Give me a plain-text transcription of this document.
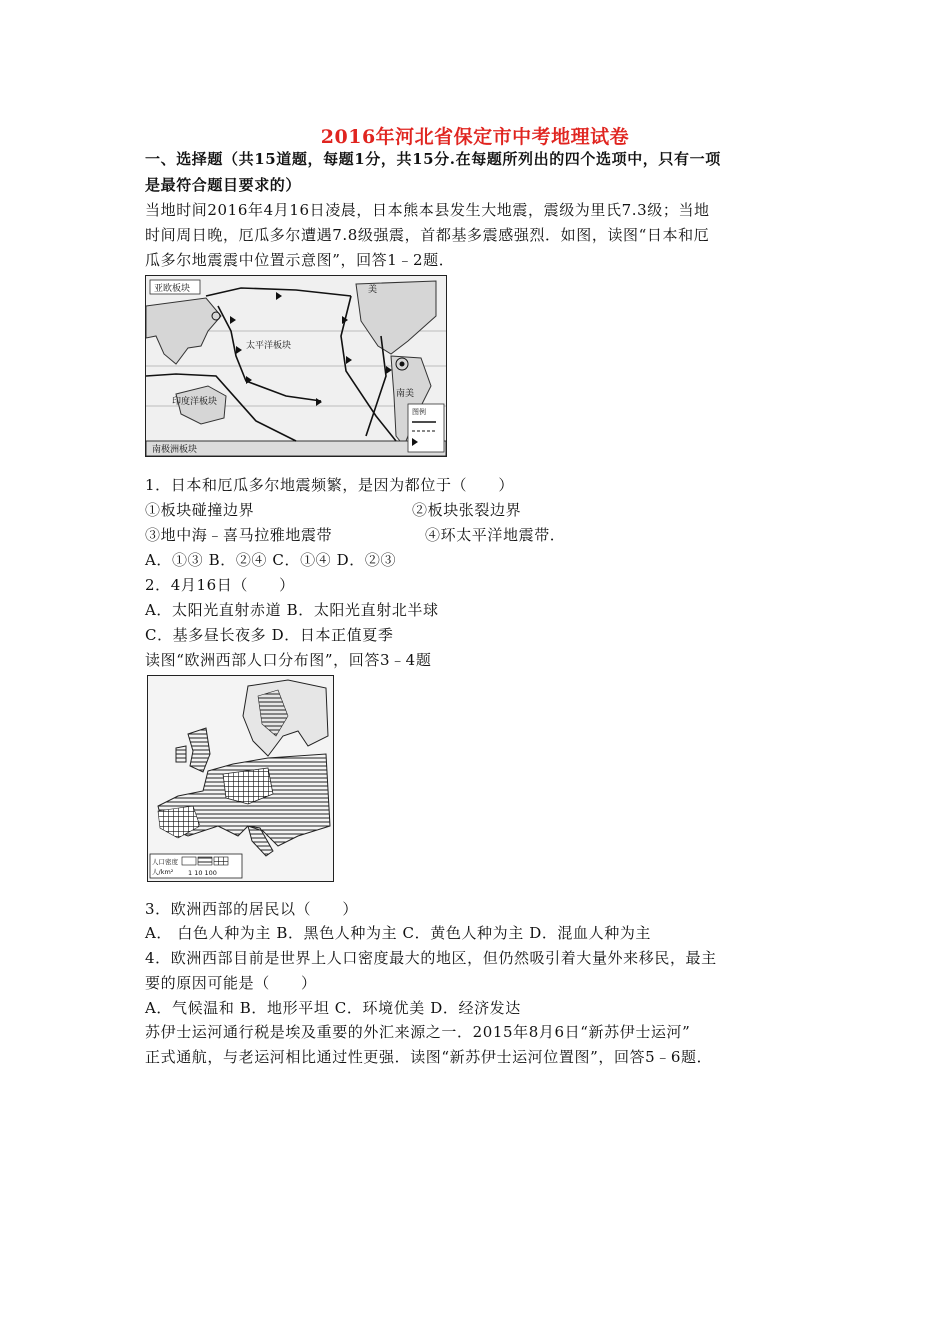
2016年河北省保定市中考地理试卷
一、选择题（共15道题，每题1分，共15分.在每题所列出的四个选项中，只有一项
是最符合题目要求的）
当地时间2016年4月16日凌晨，日本熊本县发生大地震，震级为里氏7.3级；当地
时间周日晚，厄瓜多尔遭遇7.8级强震，首都基多震感强烈．如图，读图“日本和厄
瓜多尔地震震中位置示意图”，回答1﹣2题．
亚欧板块
太平洋板块
印度洋板块
南极洲板块
美
南美
图例
1．日本和厄瓜多尔地震频繁，是因为都位于（　　）
①板块碰撞边界	②板块张裂边界
③地中海﹣喜马拉雅地震带	④环太平洋地震带．
A．①③ B．②④ C．①④ D．②③
2．4月16日（　　）
A．太阳光直射赤道 B．太阳光直射北半球
C．基多昼长夜多 D．日本正值夏季
读图“欧洲西部人口分布图”，回答3﹣4题
人口密度
人/km² 1 10 100
3．欧洲西部的居民以（　　）
A． 白色人种为主 B．黑色人种为主 C．黄色人种为主 D．混血人种为主
4．欧洲西部目前是世界上人口密度最大的地区，但仍然吸引着大量外来移民，最主
要的原因可能是（　　）
A．气候温和 B．地形平坦 C．环境优美 D．经济发达
苏伊士运河通行税是埃及重要的外汇来源之一．2015年8月6日“新苏伊士运河”
正式通航，与老运河相比通过性更强．读图“新苏伊士运河位置图”，回答5﹣6题．
